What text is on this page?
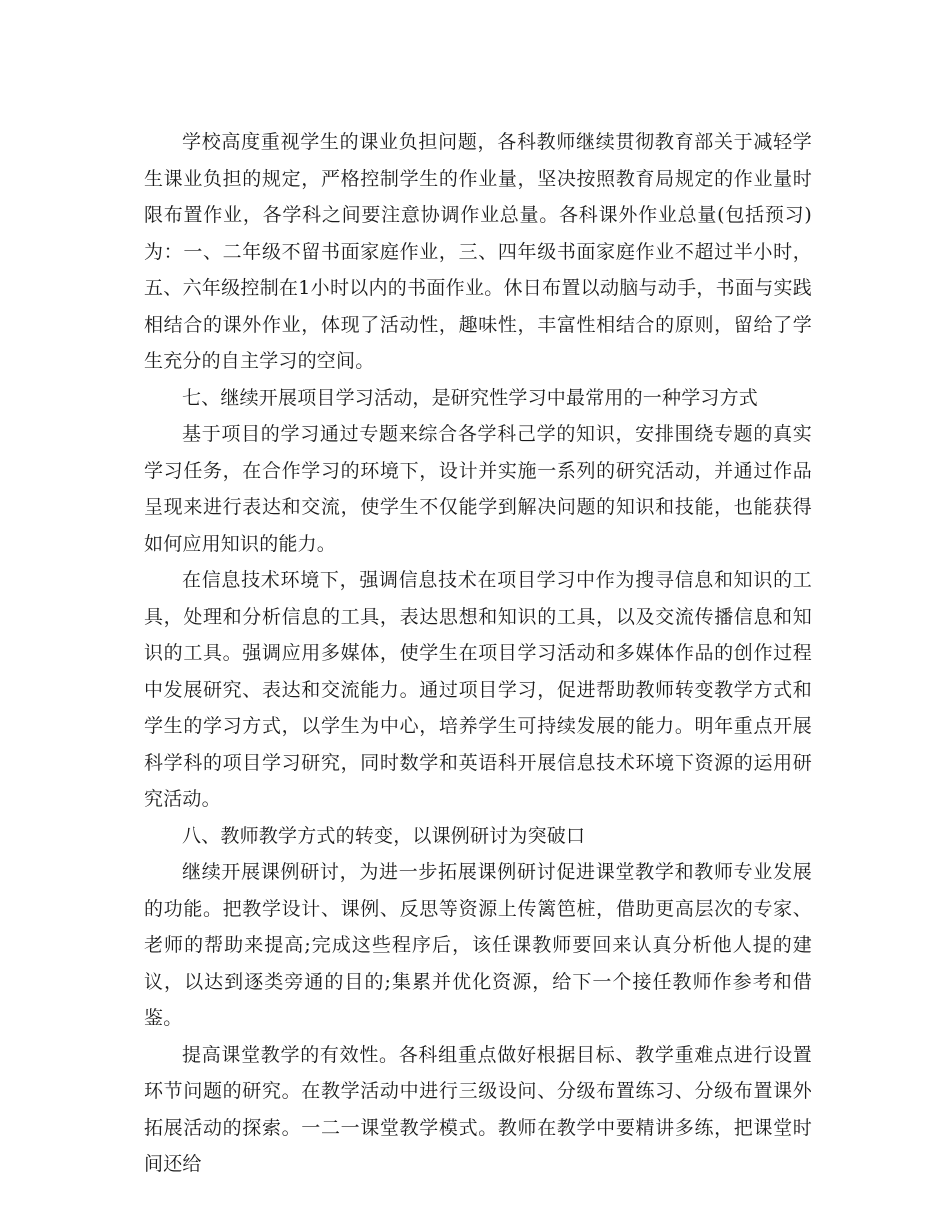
学校高度重视学生的课业负担问题，各科教师继续贯彻教育部关于减轻学生课业负担的规定，严格控制学生的作业量，坚决按照教育局规定的作业量时限布置作业，各学科之间要注意协调作业总量。各科课外作业总量(包括预习)为：一、二年级不留书面家庭作业，三、四年级书面家庭作业不超过半小时，五、六年级控制在1小时以内的书面作业。休日布置以动脑与动手，书面与实践相结合的课外作业，体现了活动性，趣味性，丰富性相结合的原则，留给了学生充分的自主学习的空间。

七、继续开展项目学习活动，是研究性学习中最常用的一种学习方式

基于项目的学习通过专题来综合各学科己学的知识，安排围绕专题的真实学习任务，在合作学习的环境下，设计并实施一系列的研究活动，并通过作品呈现来进行表达和交流，使学生不仅能学到解决问题的知识和技能，也能获得如何应用知识的能力。

在信息技术环境下，强调信息技术在项目学习中作为搜寻信息和知识的工具，处理和分析信息的工具，表达思想和知识的工具，以及交流传播信息和知识的工具。强调应用多媒体，使学生在项目学习活动和多媒体作品的创作过程中发展研究、表达和交流能力。通过项目学习，促进帮助教师转变教学方式和学生的学习方式，以学生为中心，培养学生可持续发展的能力。明年重点开展科学科的项目学习研究，同时数学和英语科开展信息技术环境下资源的运用研究活动。

八、教师教学方式的转变，以课例研讨为突破口

继续开展课例研讨，为进一步拓展课例研讨促进课堂教学和教师专业发展的功能。把教学设计、课例、反思等资源上传篱笆桩，借助更高层次的专家、老师的帮助来提高;完成这些程序后，该任课教师要回来认真分析他人提的建议，以达到逐类旁通的目的;集累并优化资源，给下一个接任教师作参考和借鉴。

提高课堂教学的有效性。各科组重点做好根据目标、教学重难点进行设置环节问题的研究。在教学活动中进行三级设问、分级布置练习、分级布置课外拓展活动的探索。一二一课堂教学模式。教师在教学中要精讲多练，把课堂时间还给
